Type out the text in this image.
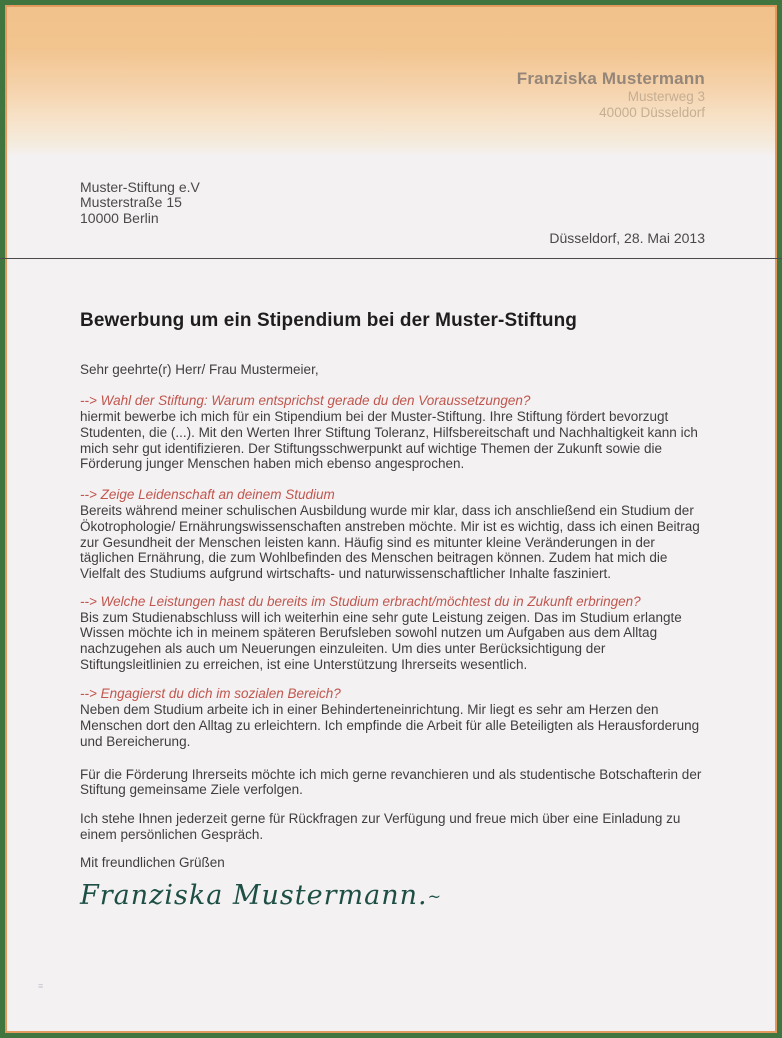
Franziska Mustermann
Musterweg 3
40000 Düsseldorf
Muster-Stiftung e.V
Musterstraße 15
10000 Berlin
Düsseldorf, 28. Mai 2013
Bewerbung um ein Stipendium bei der Muster-Stiftung

Sehr geehrte(r) Herr/ Frau Mustermeier,

--> Wahl der Stiftung: Warum entsprichst gerade du den Voraussetzungen?

hiermit bewerbe ich mich für ein Stipendium bei der Muster-Stiftung. Ihre Stiftung fördert bevorzugt Studenten, die (...). Mit den Werten Ihrer Stiftung Toleranz, Hilfsbereitschaft und Nachhaltigkeit kann ich mich sehr gut identifizieren. Der Stiftungsschwerpunkt auf wichtige Themen der Zukunft sowie die Förderung junger Menschen haben mich ebenso angesprochen.

--> Zeige Leidenschaft an deinem Studium

Bereits während meiner schulischen Ausbildung wurde mir klar, dass ich anschließend ein Studium der Ökotrophologie/ Ernährungswissenschaften anstreben möchte. Mir ist es wichtig, dass ich einen Beitrag zur Gesundheit der Menschen leisten kann. Häufig sind es mitunter kleine Veränderungen in der täglichen Ernährung, die zum Wohlbefinden des Menschen beitragen können. Zudem hat mich die Vielfalt des Studiums aufgrund wirtschafts- und naturwissenschaftlicher Inhalte fasziniert.

--> Welche Leistungen hast du bereits im Studium erbracht/möchtest du in Zukunft erbringen?

Bis zum Studienabschluss will ich weiterhin eine sehr gute Leistung zeigen. Das im Studium erlangte Wissen möchte ich in meinem späteren Berufsleben sowohl nutzen um Aufgaben aus dem Alltag nachzugehen als auch um Neuerungen einzuleiten. Um dies unter Berücksichtigung der Stiftungsleitlinien zu erreichen, ist eine Unterstützung Ihrerseits wesentlich.

--> Engagierst du dich im sozialen Bereich?

Neben dem Studium arbeite ich in einer Behinderteneinrichtung. Mir liegt es sehr am Herzen den Menschen dort den Alltag zu erleichtern. Ich empfinde die Arbeit für alle Beteiligten als Herausforderung und Bereicherung.

Für die Förderung Ihrerseits möchte ich mich gerne revanchieren und als studentische Botschafterin der Stiftung gemeinsame Ziele verfolgen.

Ich stehe Ihnen jederzeit gerne für Rückfragen zur Verfügung und freue mich über eine Einladung zu einem persönlichen Gespräch.

Mit freundlichen Grüßen

Franziska Mustermann.~
≡
